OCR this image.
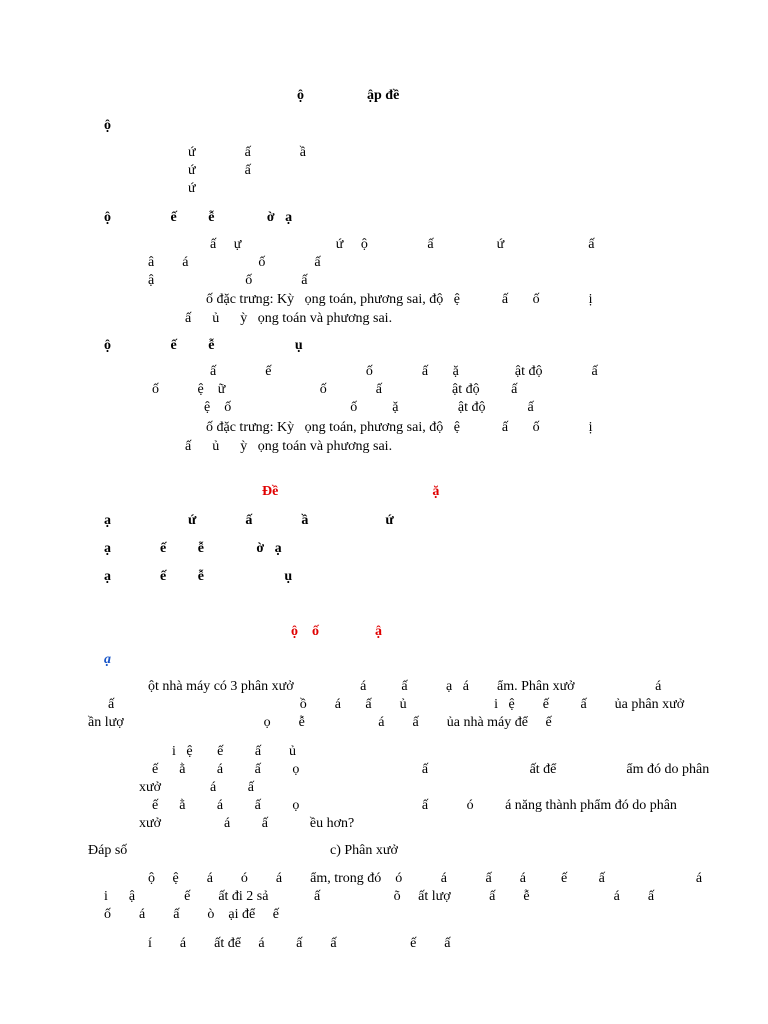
ộ                  ập đề
ộ
ứ              ấ              ầ
ứ              ấ
ứ
ộ                 ế         ễ               ờ   ạ
ấ     ự                           ứ     ộ                 ấ                  ứ                        ấ
â        á                    ố              ấ
ậ                          ố              ấ
ố đặc trưng: Kỳ   ọng toán, phương sai, độ   ệ            ấ       ố              ị
ấ      ủ      ỳ   ọng toán và phương sai.
ộ                 ế         ễ                       ụ
ấ              ế                           ố              ấ       ặ                ật độ              ấ
ố           ệ    ữ                           ố              ấ                    ật độ         ấ
ệ    ố                                  ố          ặ                 ật độ            ấ
ố đặc trưng: Kỳ   ọng toán, phương sai, độ   ệ            ấ       ố              ị
ấ      ủ      ỳ   ọng toán và phương sai.
Đề                                            ặ
ạ                      ứ              ấ              ầ                      ứ
ạ              ế         ễ               ờ   ạ
ạ              ế         ễ                       ụ
ộ    ố                ậ
ạ
ột nhà máy có 3 phân xưở                   á          ấ           ạ   á        ẩm. Phân xưở                       á
ấ                                                     ồ        á       ấ        ủ                         i   ệ        ế         ấ        ủa phân xưở
ần lượ                                        ọ        ễ                     á        ấ        ủa nhà máy để     ế
i   ệ       ế         ấ        ủ
ế      ằ         á         ấ         ọ                                   ấ                             ất để                    ẩm đó do phân
xưở              á         ấ
ế      ằ         á         ấ         ọ                                   ấ           ó         á năng thành phẩm đó do phân
xưở                  á         ấ            ều hơn?
Đáp số	c) Phân xưở
ộ     ệ        á        ó        á        ẩm, trong đó    ó           á           ấ        á          ế         ấ                          á
i      ậ              ế        ất đi 2 sả             ấ                     õ     ất lượ           ấ        ễ                        á        ấ
ố        á        ấ        ò    ại để     ế
í        á        ất để     á         ấ        ấ                     ế        ấ
